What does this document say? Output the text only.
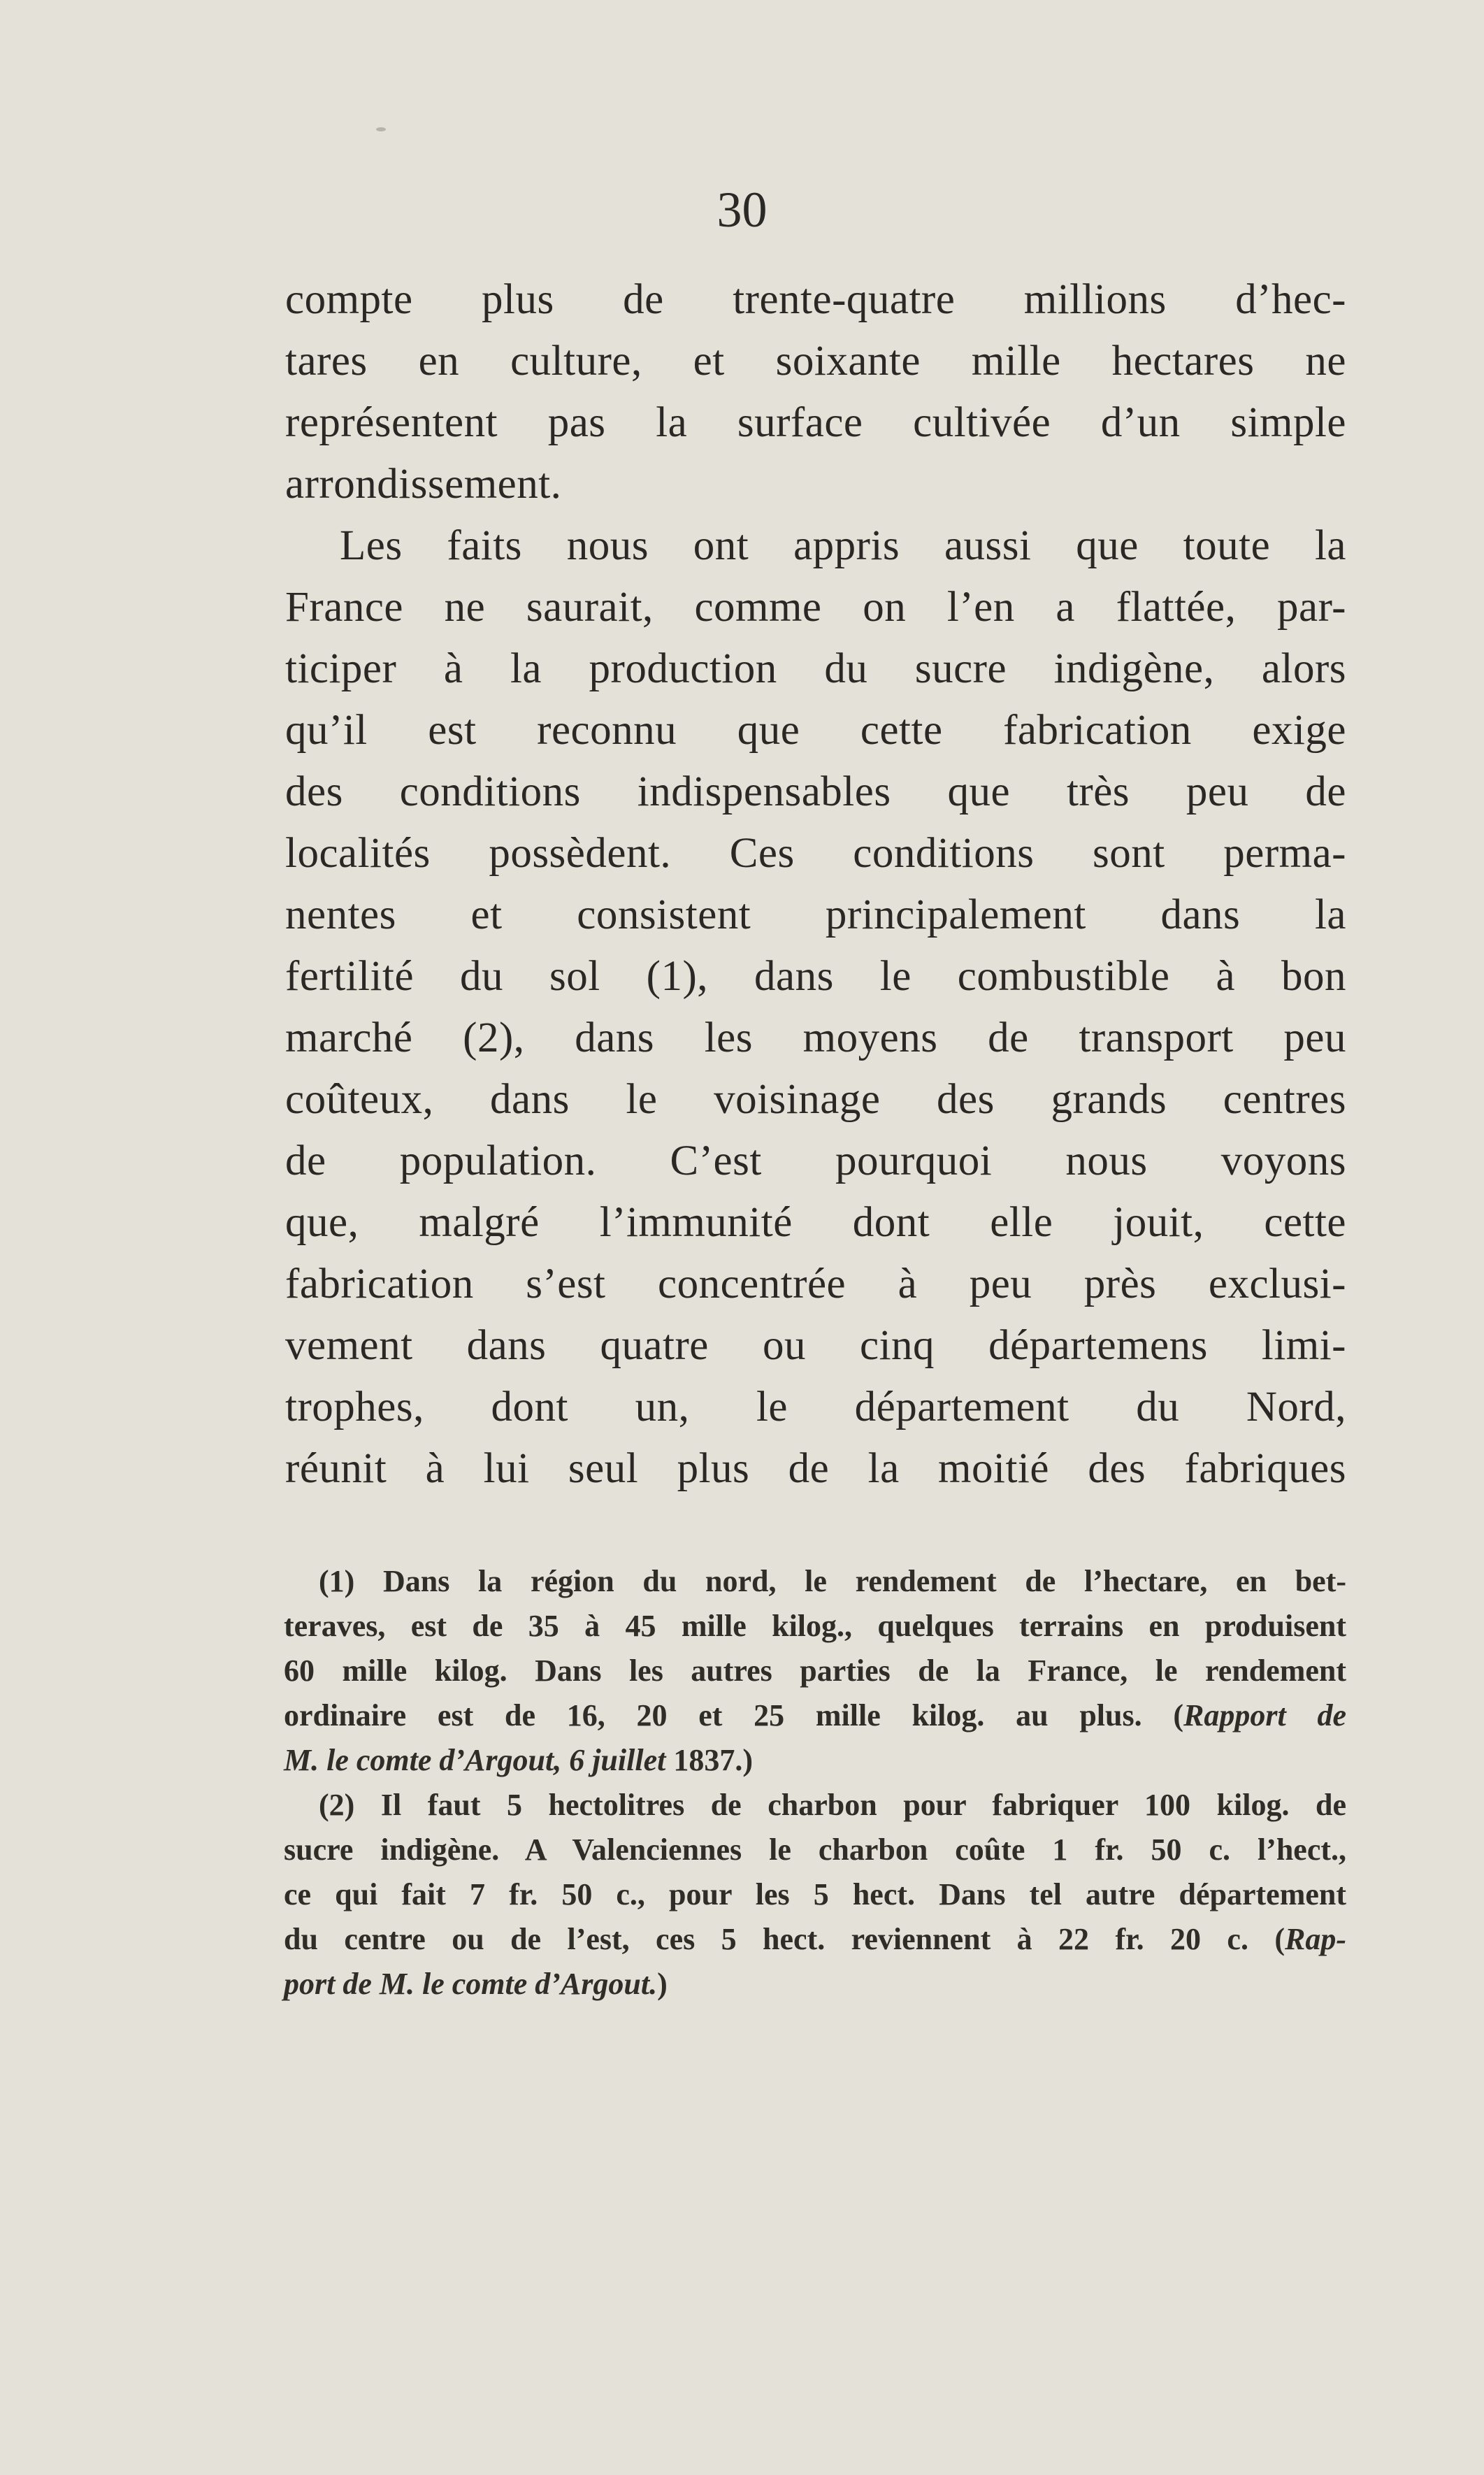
30
compte plus de trente-quatre millions d’hec-
tares en culture, et soixante mille hectares ne
représentent pas la surface cultivée d’un simple
arrondissement.
Les faits nous ont appris aussi que toute la
France ne saurait, comme on l’en a flattée, par-
ticiper à la production du sucre indigène, alors
qu’il est reconnu que cette fabrication exige
des conditions indispensables que très peu de
localités possèdent. Ces conditions sont perma-
nentes et consistent principalement dans la
fertilité du sol (1), dans le combustible à bon
marché (2), dans les moyens de transport peu
coûteux, dans le voisinage des grands centres
de population. C’est pourquoi nous voyons
que, malgré l’immunité dont elle jouit, cette
fabrication s’est concentrée à peu près exclusi-
vement dans quatre ou cinq départemens limi-
trophes, dont un, le département du Nord,
réunit à lui seul plus de la moitié des fabriques
(1) Dans la région du nord, le rendement de l’hectare, en bet-
teraves, est de 35 à 45 mille kilog., quelques terrains en produisent
60 mille kilog. Dans les autres parties de la France, le rendement
ordinaire est de 16, 20 et 25 mille kilog. au plus. (Rapport de
M. le comte d’Argout, 6 juillet 1837.)
(2) Il faut 5 hectolitres de charbon pour fabriquer 100 kilog. de
sucre indigène. A Valenciennes le charbon coûte 1 fr. 50 c. l’hect.,
ce qui fait 7 fr. 50 c., pour les 5 hect. Dans tel autre département
du centre ou de l’est, ces 5 hect. reviennent à 22 fr. 20 c. (Rap-
port de M. le comte d’Argout.)
